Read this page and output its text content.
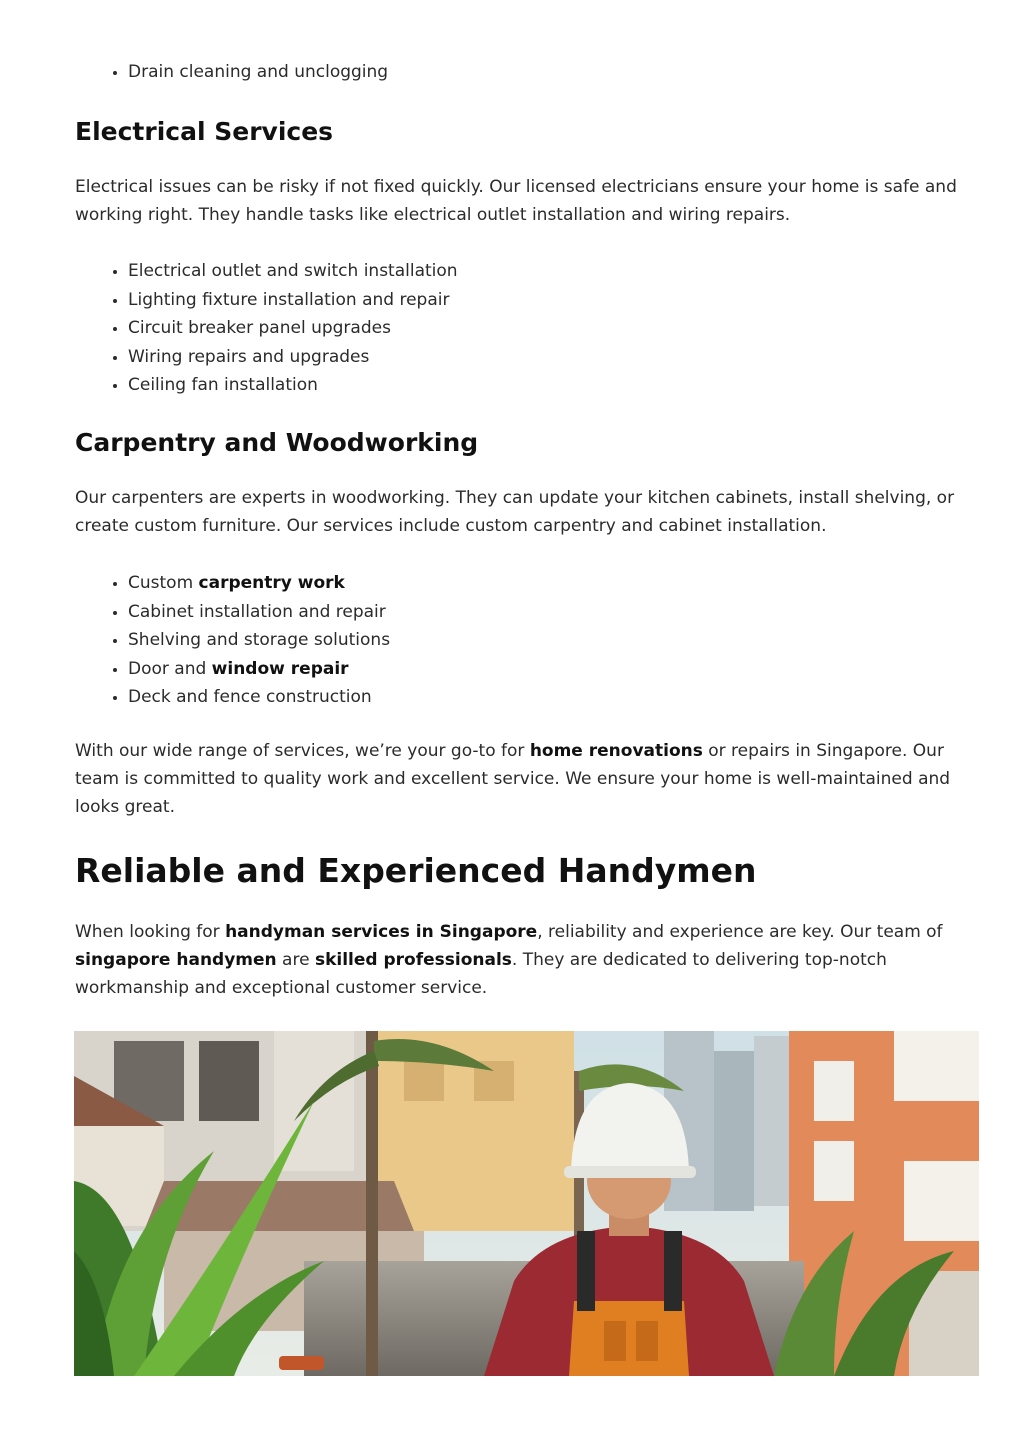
• Drain cleaning and unclogging
Electrical Services

Electrical issues can be risky if not fixed quickly. Our licensed electricians ensure your home is safe and working right. They handle tasks like electrical outlet installation and wiring repairs.

• Electrical outlet and switch installation
• Lighting fixture installation and repair
• Circuit breaker panel upgrades
• Wiring repairs and upgrades
• Ceiling fan installation
Carpentry and Woodworking

Our carpenters are experts in woodworking. They can update your kitchen cabinets, install shelving, or create custom furniture. Our services include custom carpentry and cabinet installation.

• Custom carpentry work
• Cabinet installation and repair
• Shelving and storage solutions
• Door and window repair
• Deck and fence construction

With our wide range of services, we’re your go-to for home renovations or repairs in Singapore. Our team is committed to quality work and excellent service. We ensure your home is well-maintained and looks great.

Reliable and Experienced Handymen

When looking for handyman services in Singapore, reliability and experience are key. Our team of singapore handymen are skilled professionals. They are dedicated to delivering top-notch workmanship and exceptional customer service.
